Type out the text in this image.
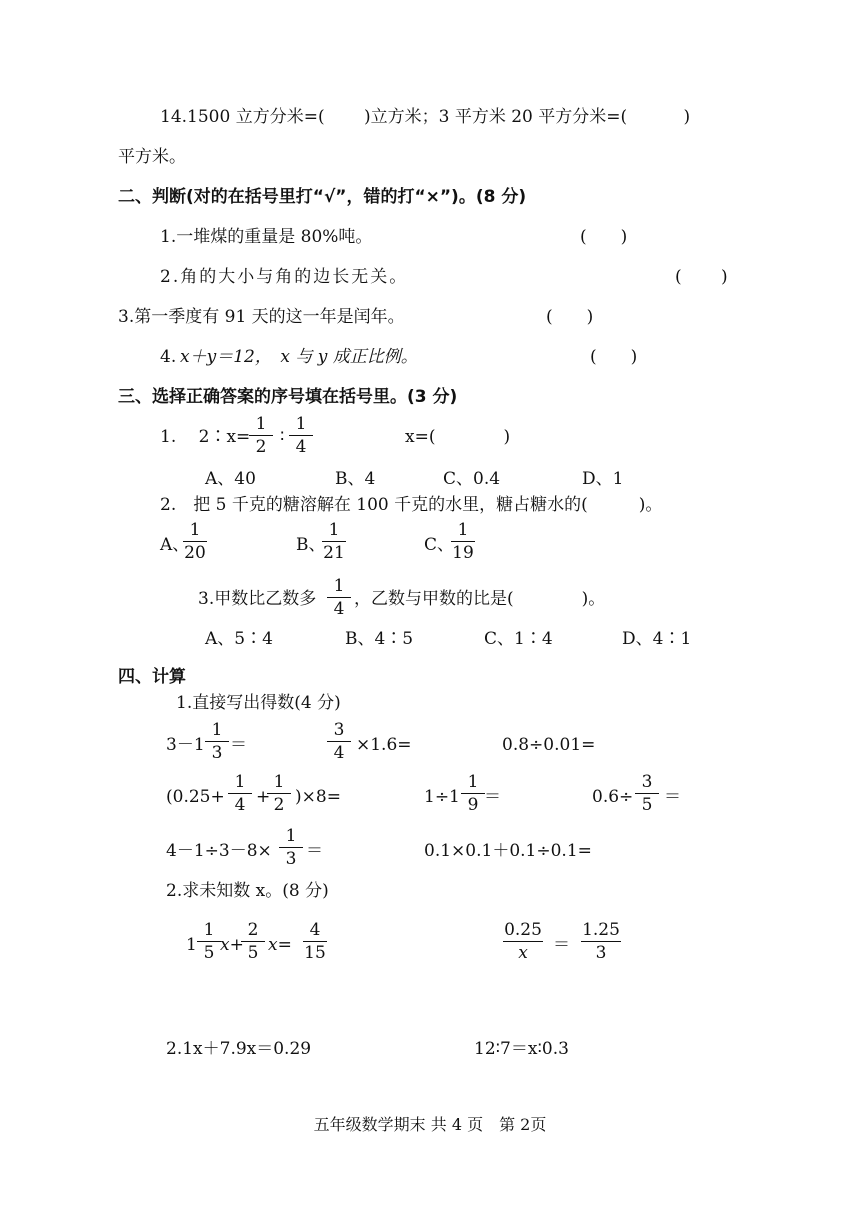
14.1500 立方分米=(　　 )立方米；3 平方米 20 平方分米=(　　　 )
平方米。
二、判断(对的在括号里打“√”，错的打“×”)。(8 分)
1.一堆煤的重量是 80%吨。	(　　)
2.角的大小与角的边长无关。	(　　 )
3.第一季度有 91 天的这一年是闰年。	(　　)
4. x＋y＝12，　x 与 y 成正比例。	(　　)
三、选择正确答案的序号填在括号里。(3 分)
1.　 2∶x=
1
2 ∶
1
4	x=(　　　　)
A、40	B、4	C、0.4	D、1
2.　把 5 千克的糖溶解在 100 千克的水里，糖占糖水的(　　　)。
A、
1
20	B、
1
21	C、
1
19
3.甲数比乙数多
1
4 ，乙数与甲数的比是(　　　　)。
A、5∶4	B、4∶5	C、1∶4	D、4∶1
四、计算
1.直接写出得数(4 分)
3－1
1
3 ＝
3
4 ×1.6=	0.8÷0.01=
(0.25+
1
4 +
1
2 )×8=	1÷1
1
9 ＝	0.6÷
3
5 ＝
4－1÷3－8×
1
3 ＝	0.1×0.1＋0.1÷0.1=
2.求未知数 x。(8 分)
1
1
5 x+
2
5 x=
4
15
0.25
x	＝
1.25
3
2.1x＋7.9x＝0.29	12∶7＝x∶0.3
五年级数学期末 共 4 页　第 2页
